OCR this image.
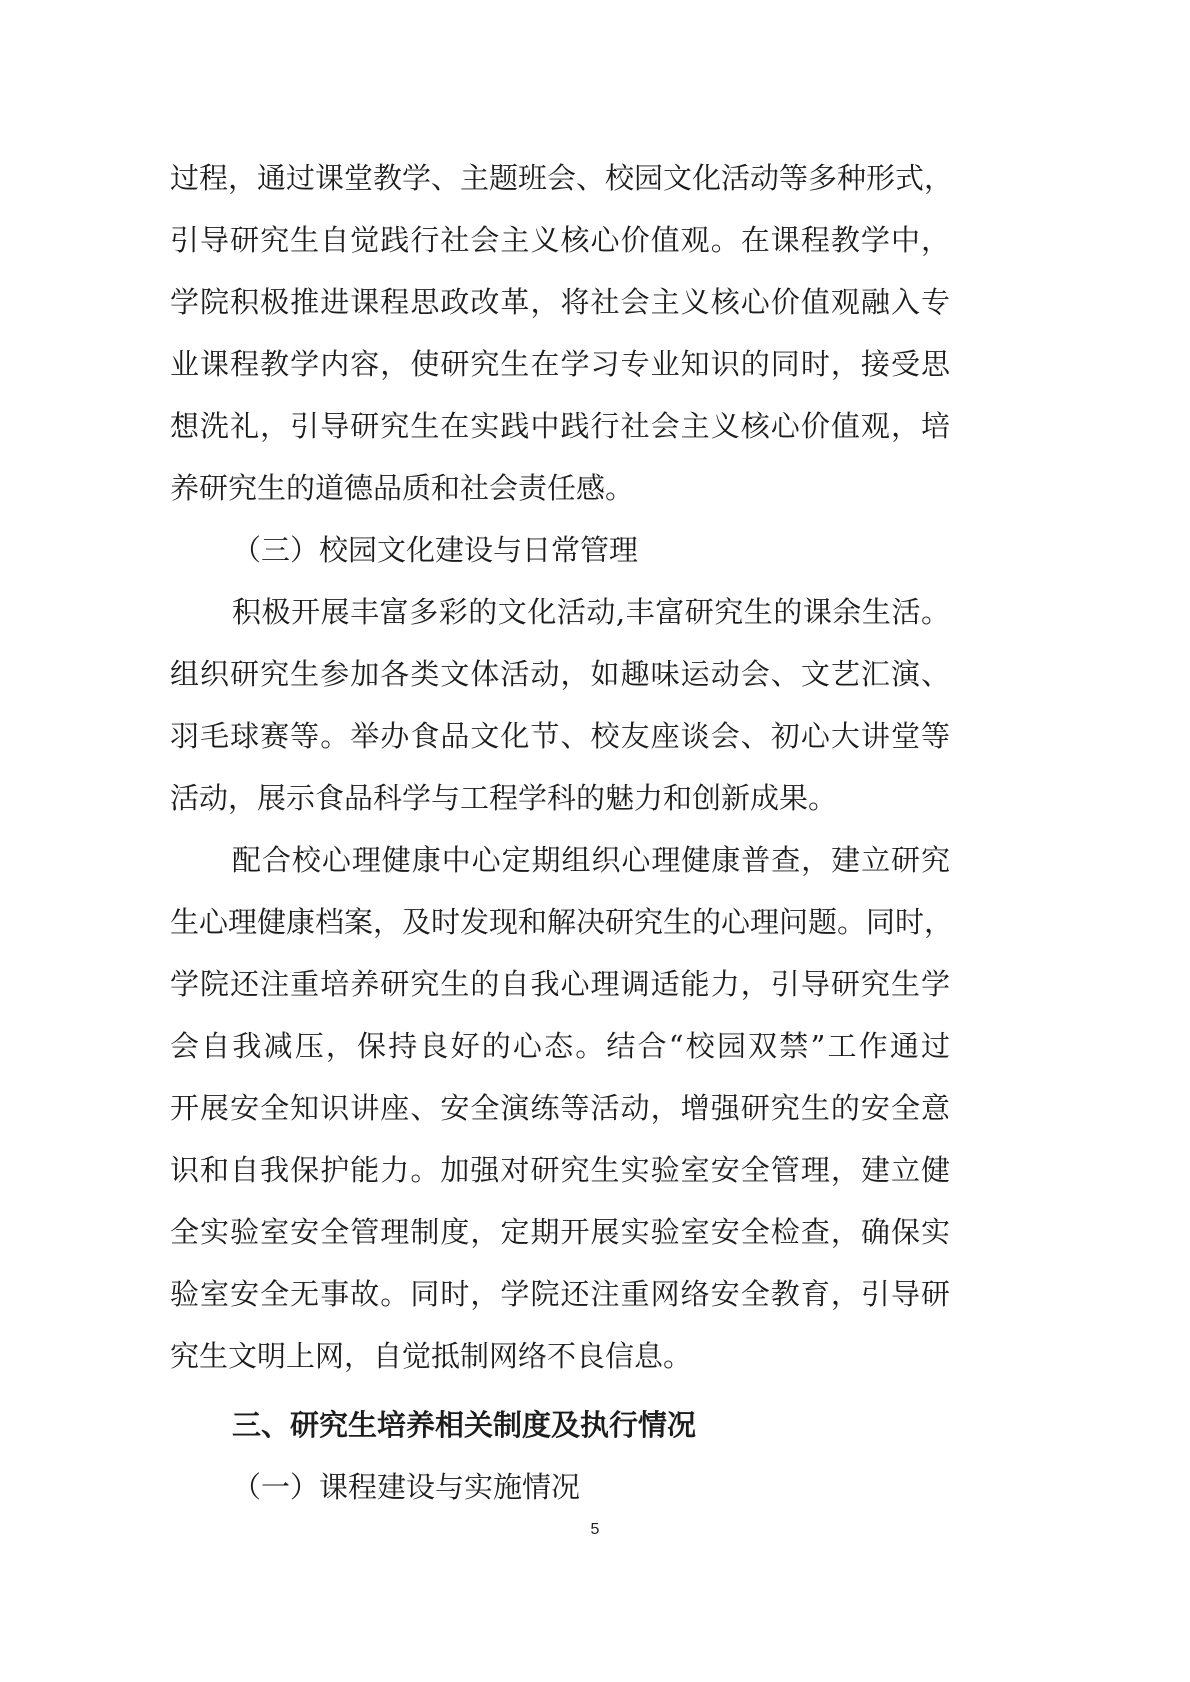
过程，通过课堂教学、主题班会、校园文化活动等多种形式，
引导研究生自觉践行社会主义核心价值观。在课程教学中，
学院积极推进课程思政改革，将社会主义核心价值观融入专
业课程教学内容，使研究生在学习专业知识的同时，接受思
想洗礼，引导研究生在实践中践行社会主义核心价值观，培
养研究生的道德品质和社会责任感。
（三）校园文化建设与日常管理
积极开展丰富多彩的文化活动,丰富研究生的课余生活。
组织研究生参加各类文体活动，如趣味运动会、文艺汇演、
羽毛球赛等。举办食品文化节、校友座谈会、初心大讲堂等
活动，展示食品科学与工程学科的魅力和创新成果。
配合校心理健康中心定期组织心理健康普查，建立研究
生心理健康档案，及时发现和解决研究生的心理问题。同时，
学院还注重培养研究生的自我心理调适能力，引导研究生学
会自我减压，保持良好的心态。结合“校园双禁”工作通过
开展安全知识讲座、安全演练等活动，增强研究生的安全意
识和自我保护能力。加强对研究生实验室安全管理，建立健
全实验室安全管理制度，定期开展实验室安全检查，确保实
验室安全无事故。同时，学院还注重网络安全教育，引导研
究生文明上网，自觉抵制网络不良信息。
三、研究生培养相关制度及执行情况
（一）课程建设与实施情况
5
